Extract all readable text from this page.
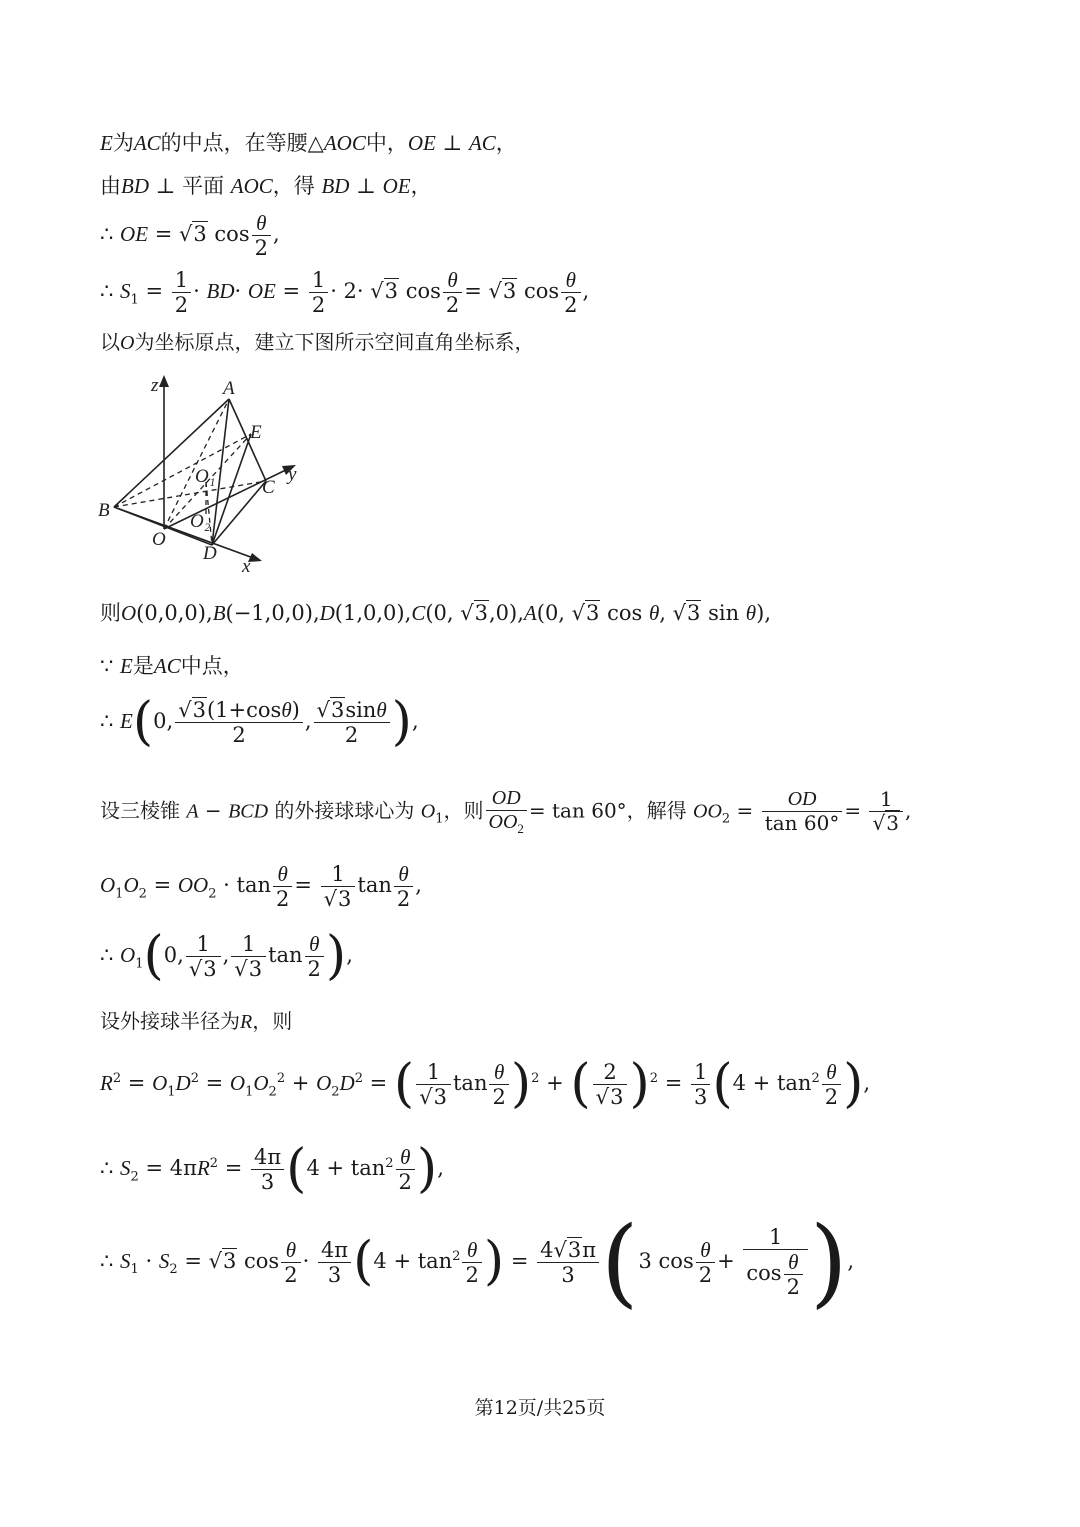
E为AC的中点，在等腰△AOC中，OE ⊥ AC，
由BD ⊥ 平面 AOC，得 BD ⊥ OE，
∴ OE = √3 $\cos \frac{\theta}{2}$ ,
∴ $S_1 = \frac{1}{2} \cdot BD\cdot$ OE = $\frac{1}{2} \cdot 2\cdot √3$ $\cos \frac{\theta}{2} = √3$ $\cos \frac{\theta}{2}$ ,
以O为坐标原点，建立下图所示空间直角坐标系，
z	A
E
O₁	y
C
B
O₂
O
D
x
则O(0,0,0),B(−1,0,0),D(1,0,0),C(0, √3,0),A(0, √3 cos θ, √3 sin θ),
∵ E是AC中点，
∴ E(0, $\frac{√3(1+\cos\theta)}{2}$ , $\frac{√3\sin\theta}{2}$ ),
设三棱锥 A − BCD 的外接球球心为 $O_1$，则 $\frac{OD}{OO_2} = \tan 60^\circ$，解得 $OO_2 = \frac{OD}{\tan 60^\circ} = \frac{1}{√3}$ ,
$O_1O_2 = OO_2 \cdot \tan \frac{\theta}{2} = \frac{1}{√3}$ $\tan \frac{\theta}{2}$ ,
∴ $O_1(0$, $\frac{1}{√3}$ , $\frac{1}{√3}$ $\tan \frac{\theta}{2}$ ),
设外接球半径为R，则
$R^2 = O_1D^2 = O_1O_2^2 + O_2D^2$ = ( $\frac{1}{√3}$ $\tan \frac{\theta}{2} )^2$ + ( $\frac{2}{√3} )^2 = \frac{1}{3} (4 + \tan^2 \frac{\theta}{2}$ ),
∴ $S_2 = 4\pi R^2 = \frac{4\pi}{3} (4 + \tan^2 \frac{\theta}{2}$ ),
∴ $S_1 \cdot S_2 = √3$ $\cos \frac{\theta}{2} \cdot \frac{4\pi}{3} (4 + \tan^2 \frac{\theta}{2}$ ) = $\frac{4√3\pi}{3} (3$ $\cos \frac{\theta}{2} + \frac{1}{\cos \frac{\theta}{2}}$ ),
第12页/共25页
